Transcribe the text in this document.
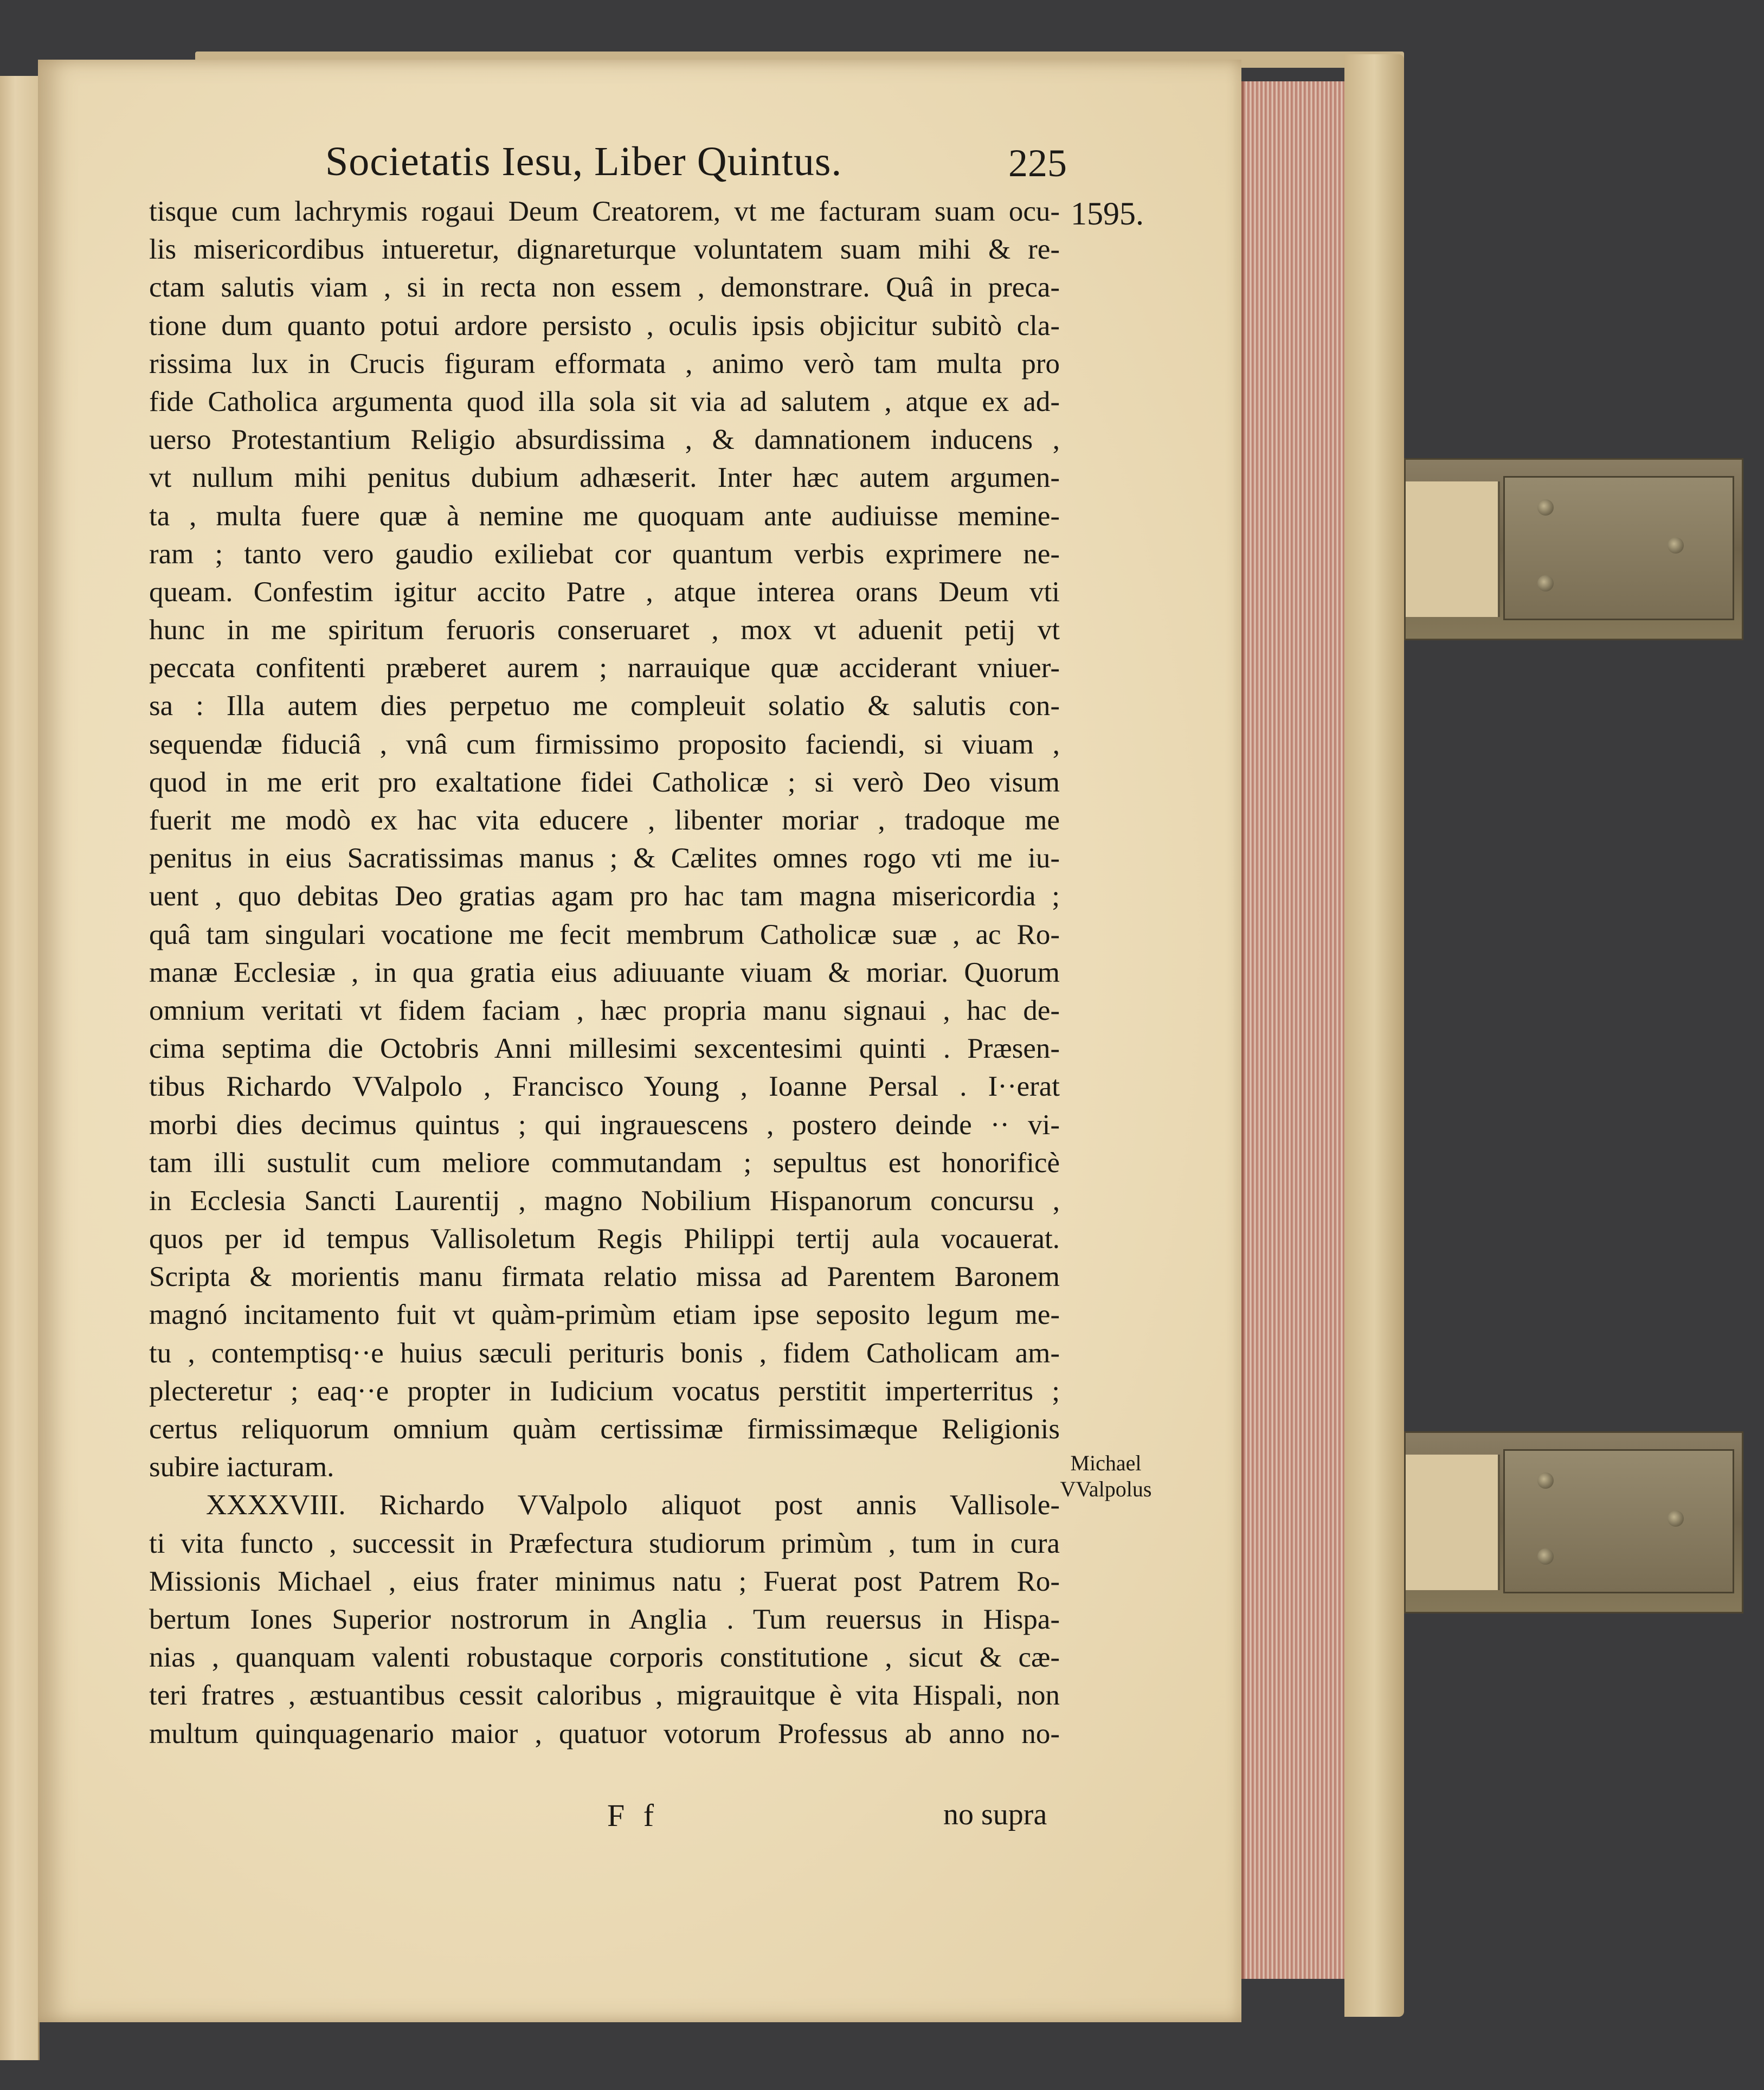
Societatis Iesu, Liber Quintus.	225
1595.
tisque cum lachrymis rogaui Deum Creatorem, vt me facturam suam ocu-
lis misericordibus intueretur, dignareturque voluntatem suam mihi & re-
ctam salutis viam , si in recta non essem , demonstrare. Quâ in preca-
tione dum quanto potui ardore persisto , oculis ipsis objicitur subitò cla-
rissima lux in Crucis figuram efformata , animo verò tam multa pro
fide Catholica argumenta quod illa sola sit via ad salutem , atque ex ad-
uerso Protestantium Religio absurdissima , & damnationem inducens ,
vt nullum mihi penitus dubium adhæserit. Inter hæc autem argumen-
ta , multa fuere quæ à nemine me quoquam ante audiuisse memine-
ram ; tanto vero gaudio exiliebat cor quantum verbis exprimere ne-
queam. Confestim igitur accito Patre , atque interea orans Deum vti
hunc in me spiritum feruoris conseruaret , mox vt aduenit petij vt
peccata confitenti præberet aurem ; narrauique quæ acciderant vniuer-
sa : Illa autem dies perpetuo me compleuit solatio & salutis con-
sequendæ fiduciâ , vnâ cum firmissimo proposito faciendi, si viuam ,
quod in me erit pro exaltatione fidei Catholicæ ; si verò Deo visum
fuerit me modò ex hac vita educere , libenter moriar , tradoque me
penitus in eius Sacratissimas manus ; & Cælites omnes rogo vti me iu-
uent , quo debitas Deo gratias agam pro hac tam magna misericordia ;
quâ tam singulari vocatione me fecit membrum Catholicæ suæ , ac Ro-
manæ Ecclesiæ , in qua gratia eius adiuuante viuam & moriar. Quorum
omnium veritati vt fidem faciam , hæc propria manu signaui , hac de-
cima septima die Octobris Anni millesimi sexcentesimi quinti . Præsen-
tibus Richardo VValpolo , Francisco Young , Ioanne Persal . I··erat
morbi dies decimus quintus ; qui ingrauescens , postero deinde ·· vi-
tam illi sustulit cum meliore commutandam ; sepultus est honorificè
in Ecclesia Sancti Laurentij , magno Nobilium Hispanorum concursu ,
quos per id tempus Vallisoletum Regis Philippi tertij aula vocauerat.
Scripta & morientis manu firmata relatio missa ad Parentem Baronem
magnó incitamento fuit vt quàm-primùm etiam ipse seposito legum me-
tu , contemptisq··e huius sæculi perituris bonis , fidem Catholicam am-
plecteretur ; eaq··e propter in Iudicium vocatus perstitit imperterritus ;
certus reliquorum omnium quàm certissimæ firmissimæque Religionis
subire iacturam.
XXXXVIII. Richardo VValpolo aliquot post annis Vallisole-
ti vita functo , successit in Præfectura studiorum primùm , tum in cura
Missionis Michael , eius frater minimus natu ; Fuerat post Patrem Ro-
bertum Iones Superior nostrorum in Anglia . Tum reuersus in Hispa-
nias , quanquam valenti robustaque corporis constitutione , sicut & cæ-
teri fratres , æstuantibus cessit caloribus , migrauitque è vita Hispali, non
multum quinquagenario maior , quatuor votorum Professus ab anno no-
Michael
VValpolus
F f	no supra
